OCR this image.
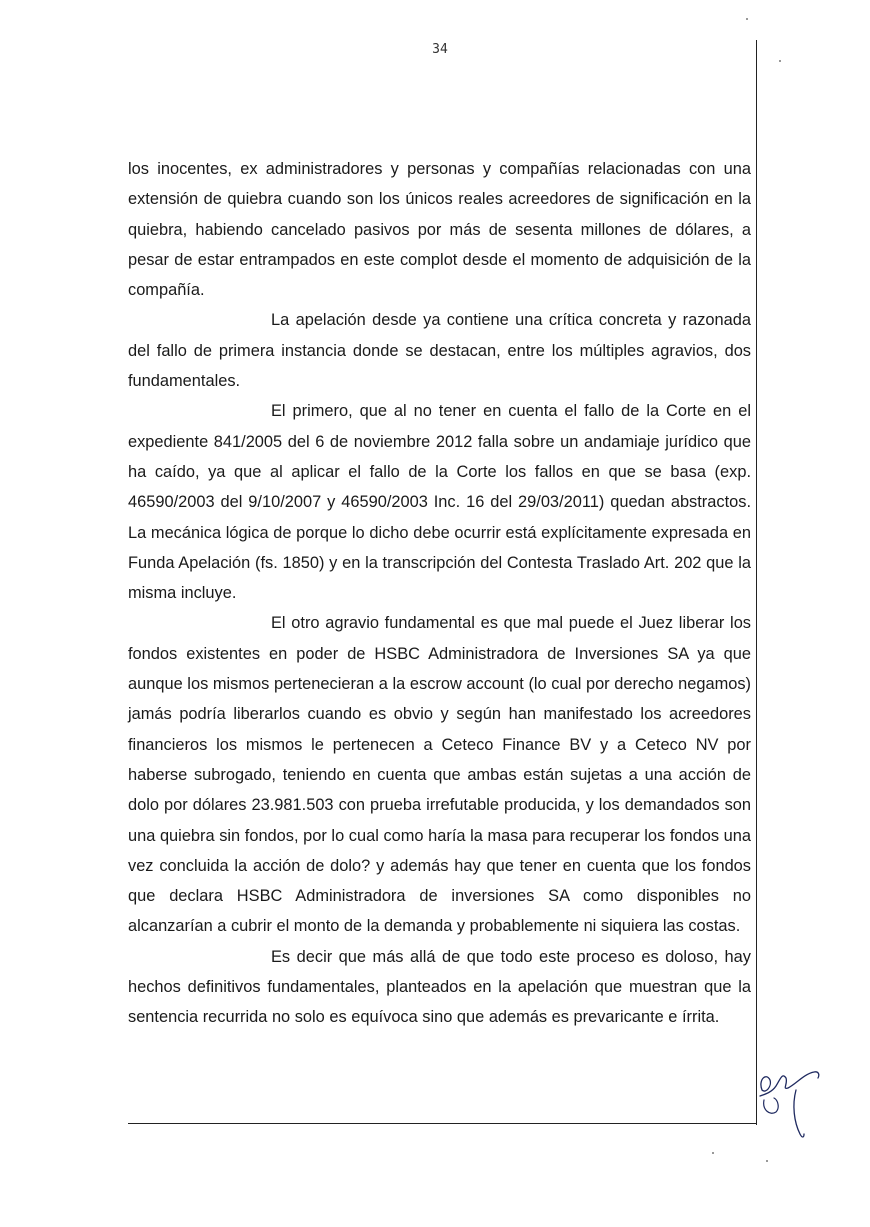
34

los inocentes, ex administradores y personas y compañías relacionadas con una extensión de quiebra cuando son los únicos reales acreedores de significación en la quiebra, habiendo cancelado pasivos por más de sesenta millones de dólares, a pesar de estar entrampados en este complot desde el momento de adquisición de la compañía.

La apelación desde ya contiene una crítica concreta y razonada del fallo de primera instancia donde se destacan, entre los múltiples agravios, dos fundamentales.

El primero, que al no tener en cuenta el fallo de la Corte en el expediente 841/2005 del 6 de noviembre 2012 falla sobre un andamiaje jurídico que ha caído, ya que al aplicar el fallo de la Corte los fallos en que se basa (exp. 46590/2003 del 9/10/2007 y 46590/2003 Inc. 16 del 29/03/2011) quedan abstractos. La mecánica lógica de porque lo dicho debe ocurrir está explícitamente expresada en Funda Apelación (fs. 1850) y en la transcripción del Contesta Traslado Art. 202 que la misma incluye.

El otro agravio fundamental es que mal puede el Juez liberar los fondos existentes en poder de HSBC Administradora de Inversiones SA ya que aunque los mismos pertenecieran a la escrow account (lo cual por derecho negamos) jamás podría liberarlos cuando es obvio y según han manifestado los acreedores financieros los mismos le pertenecen a Ceteco Finance BV y a Ceteco NV por haberse subrogado, teniendo en cuenta que ambas están sujetas a una acción de dolo por dólares 23.981.503 con prueba irrefutable producida, y los demandados son una quiebra sin fondos, por lo cual como haría la masa para recuperar los fondos una vez concluida la acción de dolo? y además hay que tener en cuenta que los fondos que declara HSBC Administradora de inversiones SA como disponibles no alcanzarían a cubrir el monto de la demanda y probablemente ni siquiera las costas.

Es decir que más allá de que todo este proceso es doloso, hay hechos definitivos fundamentales, planteados en la apelación que muestran que la sentencia recurrida no solo es equívoca sino que además es prevaricante e írrita.
